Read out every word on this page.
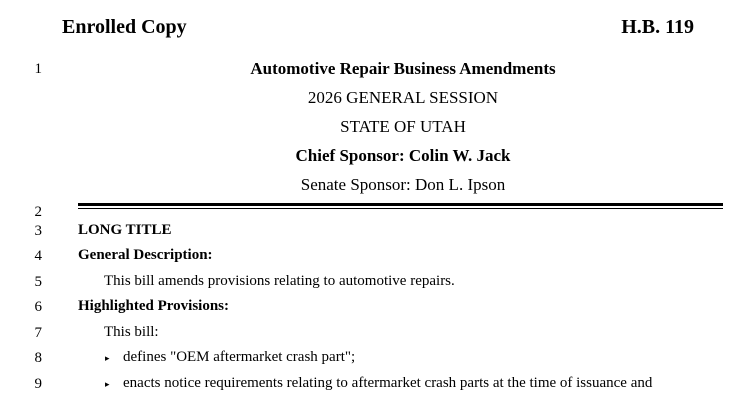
Enrolled Copy	H.B. 119
1
2
3
4
5
6
7
8
9
Automotive Repair Business Amendments
2026 GENERAL SESSION
STATE OF UTAH
Chief Sponsor: Colin W. Jack
Senate Sponsor: Don L. Ipson
LONG TITLE
General Description:
This bill amends provisions relating to automotive repairs.
Highlighted Provisions:
This bill:
▸ defines "OEM aftermarket crash part";
▸ enacts notice requirements relating to aftermarket crash parts at the time of issuance and
